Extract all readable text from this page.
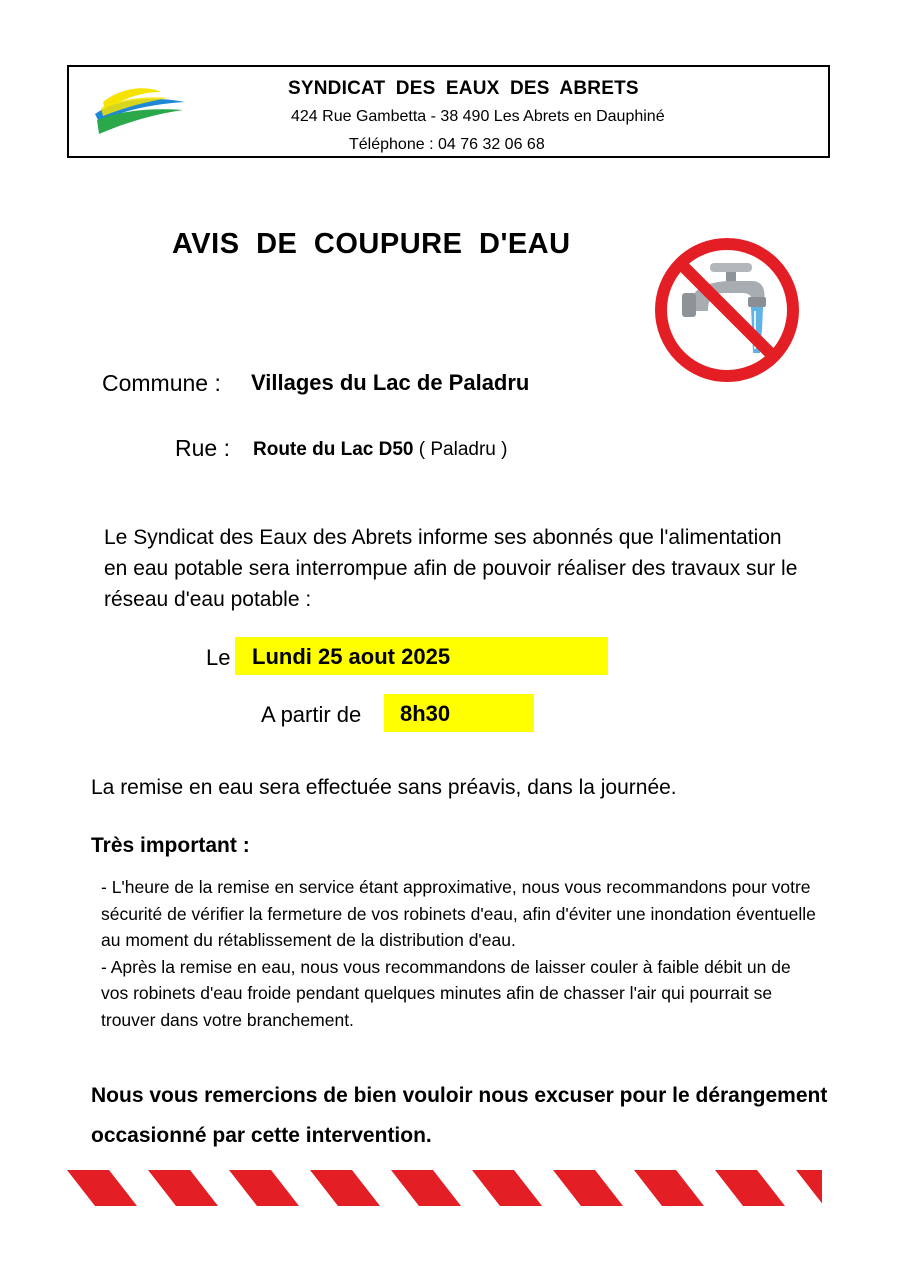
SYNDICAT DES EAUX DES ABRETS
424 Rue Gambetta - 38 490 Les Abrets en Dauphiné
Téléphone : 04 76 32 06 68
AVIS DE COUPURE D'EAU
Commune : Villages du Lac de Paladru
Rue : Route du Lac D50 ( Paladru )
Le Syndicat des Eaux des Abrets informe ses abonnés que l'alimentation en eau potable sera interrompue afin de pouvoir réaliser des travaux sur le réseau d'eau potable :
Le Lundi 25 aout 2025
A partir de 8h30
La remise en eau sera effectuée sans préavis, dans la journée.
Très important :

- L'heure de la remise en service étant approximative, nous vous recommandons pour votre sécurité de vérifier la fermeture de vos robinets d'eau, afin d'éviter une inondation éventuelle au moment du rétablissement de la distribution d'eau.

- Après la remise en eau, nous vous recommandons de laisser couler à faible débit un de vos robinets d'eau froide pendant quelques minutes afin de chasser l'air qui pourrait se trouver dans votre branchement.

Nous vous remercions de bien vouloir nous excuser pour le dérangement occasionné par cette intervention.
